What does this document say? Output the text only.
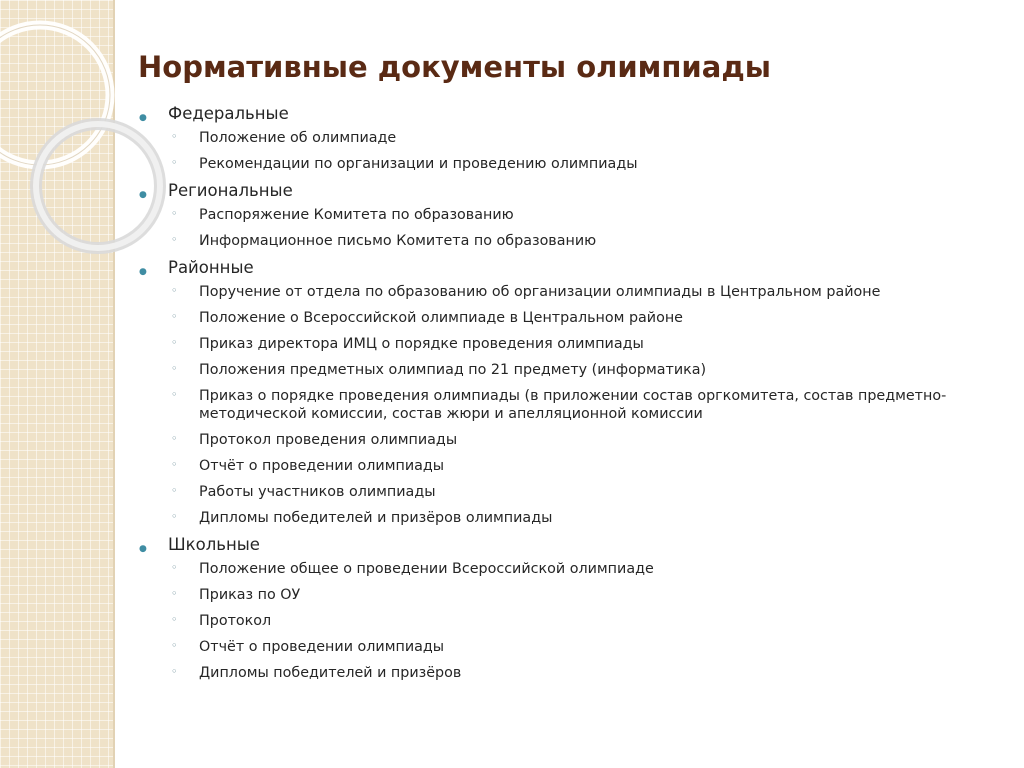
Нормативные документы олимпиады
● Федеральные
◦ Положение об олимпиаде
◦ Рекомендации по организации и проведению олимпиады
● Региональные
◦ Распоряжение Комитета по образованию
◦ Информационное письмо Комитета по образованию
● Районные
◦ Поручение от отдела по образованию об организации олимпиады в Центральном районе
◦ Положение о Всероссийской олимпиаде в Центральном районе
◦ Приказ директора ИМЦ о порядке проведения олимпиады
◦ Положения предметных олимпиад по 21 предмету (информатика)
◦ Приказ о порядке проведения олимпиады (в приложении состав оргкомитета, состав предметно-методической комиссии, состав жюри и апелляционной комиссии
◦ Протокол проведения олимпиады
◦ Отчёт о проведении олимпиады
◦ Работы участников олимпиады
◦ Дипломы победителей и призёров олимпиады
● Школьные
◦ Положение общее о проведении Всероссийской олимпиаде
◦ Приказ по ОУ
◦ Протокол
◦ Отчёт о проведении олимпиады
◦ Дипломы победителей и призёров
